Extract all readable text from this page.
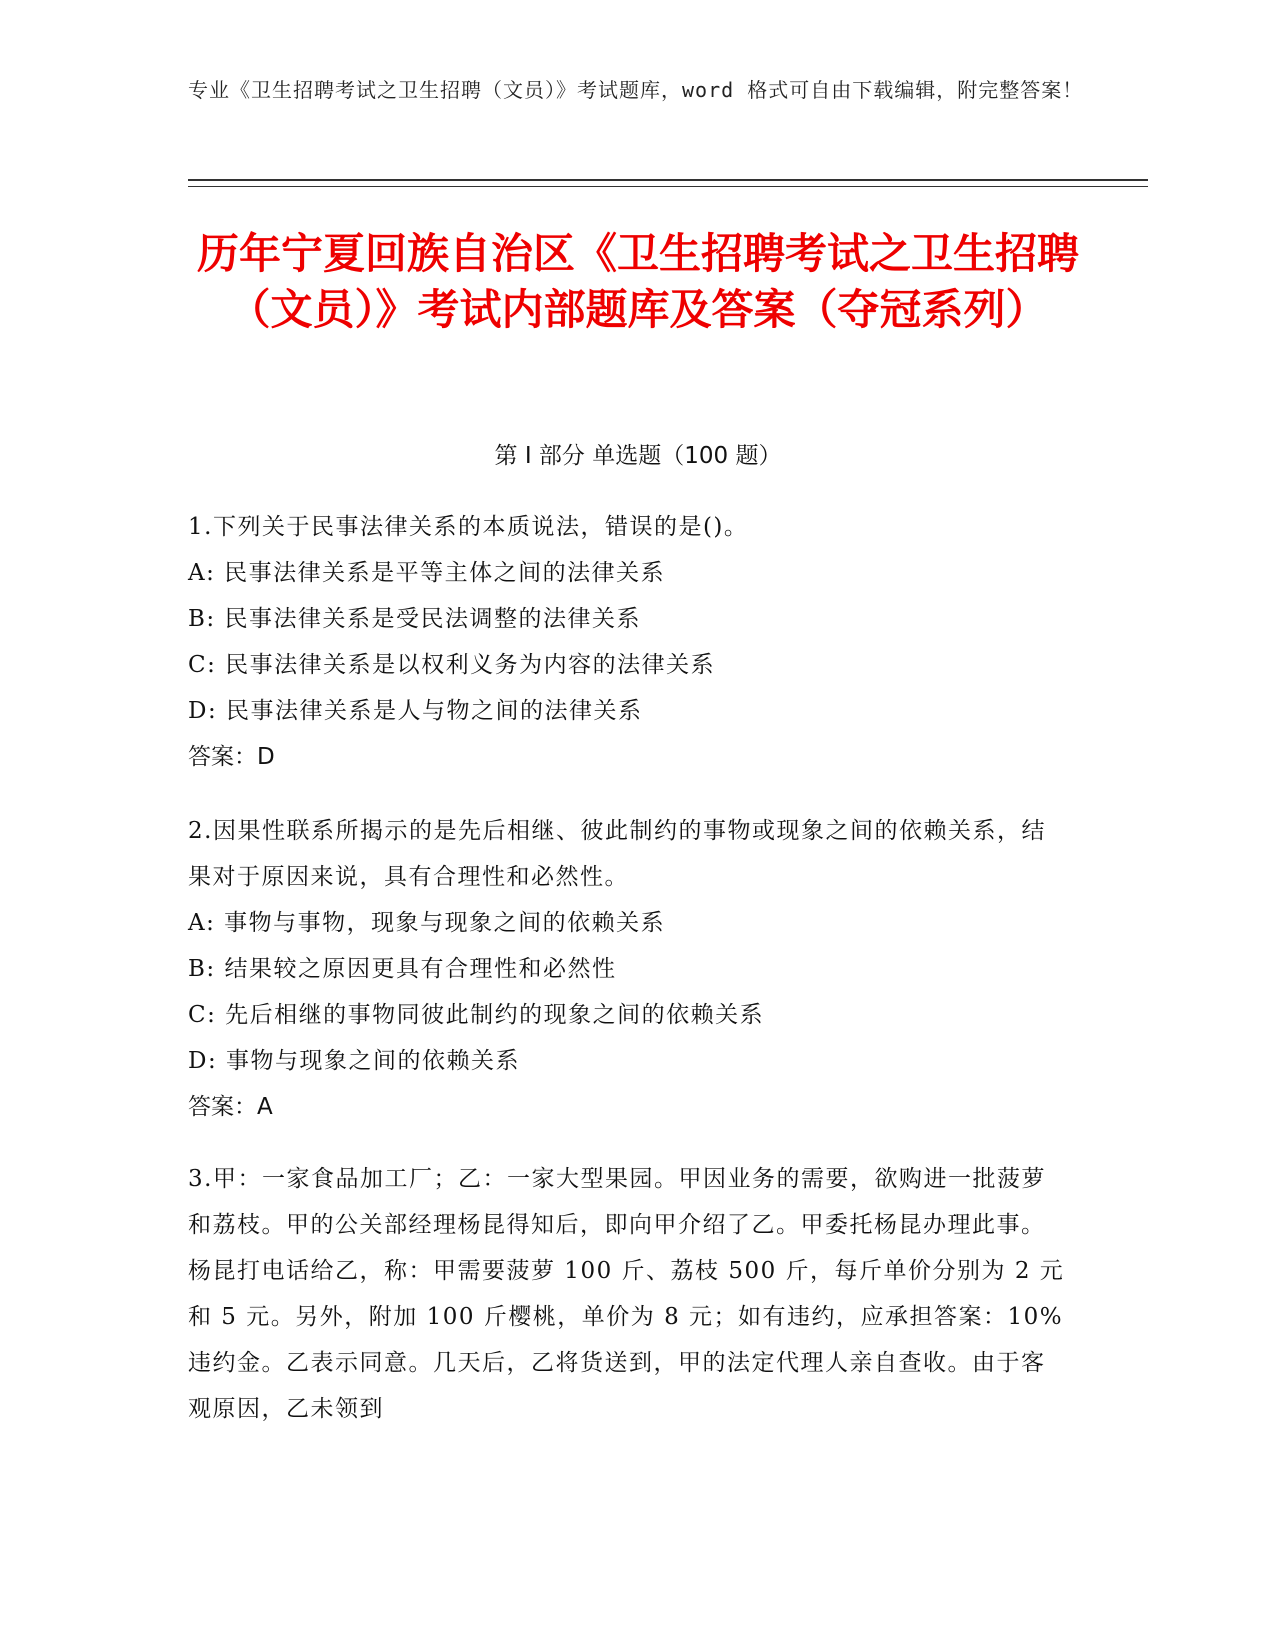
专业《卫生招聘考试之卫生招聘（文员）》考试题库，word 格式可自由下载编辑，附完整答案！
历年宁夏回族自治区《卫生招聘考试之卫生招聘（文员）》考试内部题库及答案（夺冠系列）
第 I 部分 单选题（100 题）
1.下列关于民事法律关系的本质说法，错误的是()。
A: 民事法律关系是平等主体之间的法律关系
B: 民事法律关系是受民法调整的法律关系
C: 民事法律关系是以权利义务为内容的法律关系
D: 民事法律关系是人与物之间的法律关系
答案：D
2.因果性联系所揭示的是先后相继、彼此制约的事物或现象之间的依赖关系，结果对于原因来说，具有合理性和必然性。
A: 事物与事物，现象与现象之间的依赖关系
B: 结果较之原因更具有合理性和必然性
C: 先后相继的事物同彼此制约的现象之间的依赖关系
D: 事物与现象之间的依赖关系
答案：A
3.甲：一家食品加工厂；乙：一家大型果园。甲因业务的需要，欲购进一批菠萝和荔枝。甲的公关部经理杨昆得知后，即向甲介绍了乙。甲委托杨昆办理此事。杨昆打电话给乙，称：甲需要菠萝 100 斤、荔枝 500 斤，每斤单价分别为 2 元和 5 元。另外，附加 100 斤樱桃，单价为 8 元；如有违约，应承担答案：10%违约金。乙表示同意。几天后，乙将货送到，甲的法定代理人亲自查收。由于客观原因，乙未领到
